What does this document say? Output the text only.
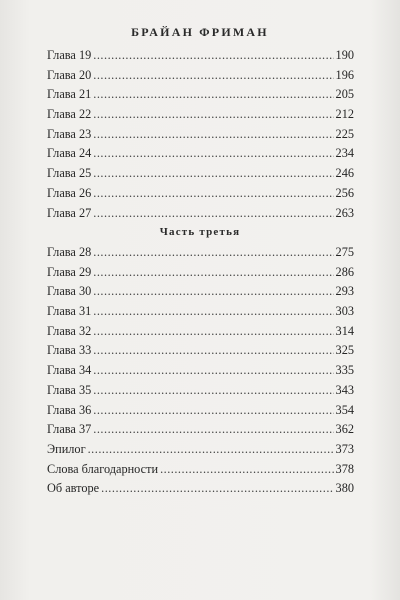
БРАЙАН ФРИМАН
Глава 19 .....	190
Глава 20 .....	196
Глава 21 .....	205
Глава 22 .....	212
Глава 23 .....	225
Глава 24 .....	234
Глава 25 .....	246
Глава 26 .....	256
Глава 27 .....	263
Часть третья
Глава 28 .....	275
Глава 29 .....	286
Глава 30 .....	293
Глава 31 .....	303
Глава 32 .....	314
Глава 33 .....	325
Глава 34 .....	335
Глава 35 .....	343
Глава 36 .....	354
Глава 37 .....	362
Эпилог .....	373
Слова благодарности .....	378
Об авторе .....	380
